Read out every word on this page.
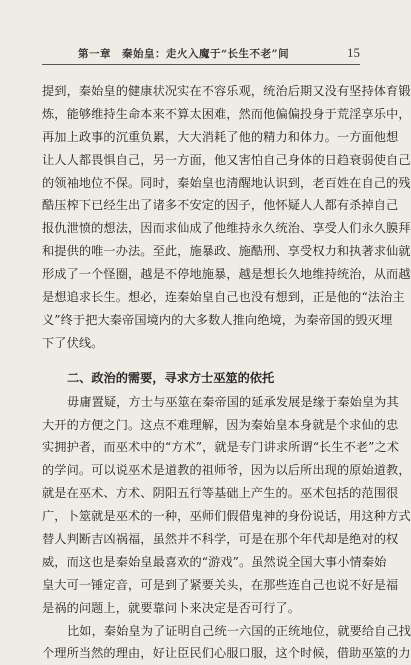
第一章　秦始皇：走火入魔于“长生不老”间	15
提到，秦始皇的健康状况实在不容乐观，统治后期又没有坚持体育锻
炼，能够维持生命本来不算太困难，然而他偏偏投身于荒淫享乐中，
再加上政事的沉重负累，大大消耗了他的精力和体力。一方面他想
让人人都畏惧自己，另一方面，他又害怕自己身体的日趋衰弱使自己
的领袖地位不保。同时，秦始皇也清醒地认识到，老百姓在自己的残
酷压榨下已经生出了诸多不安定的因子，他怀疑人人都有杀掉自己
报仇泄愤的想法，因而求仙成了他维持永久统治、享受人们永久膜拜
和提供的唯一办法。至此，施暴政、施酷刑、享受权力和执著求仙就
形成了一个怪圈，越是不停地施暴，越是想长久地维持统治，从而越
是想追求长生。想必，连秦始皇自己也没有想到，正是他的“法治主
义”终于把大秦帝国境内的大多数人推向绝境，为秦帝国的毁灭埋
下了伏线。
二、政治的需要，寻求方士巫筮的依托
毋庸置疑，方士与巫筮在秦帝国的延承发展是缘于秦始皇为其
大开的方便之门。这点不难理解，因为秦始皇本身就是个求仙的忠
实拥护者，而巫术中的“方术”，就是专门讲求所谓“长生不老”之术
的学问。可以说巫术是道教的祖师爷，因为以后所出现的原始道教，
就是在巫术、方术、阴阳五行等基础上产生的。巫术包括的范围很
广，卜筮就是巫术的一种，巫师们假借鬼神的身份说话，用这种方式
替人判断吉凶祸福，虽然并不科学，可是在那个年代却是绝对的权
威，而这也是秦始皇最喜欢的“游戏”。虽然说全国大事小情秦始
皇大可一锤定音，可是到了紧要关头，在那些连自己也说不好是福
是祸的问题上，就要靠问卜来决定是否可行了。
比如，秦始皇为了证明自己统一六国的正统地位，就要给自己找
个理所当然的理由，好让臣民们心服口服，这个时候，借助巫筮的力
